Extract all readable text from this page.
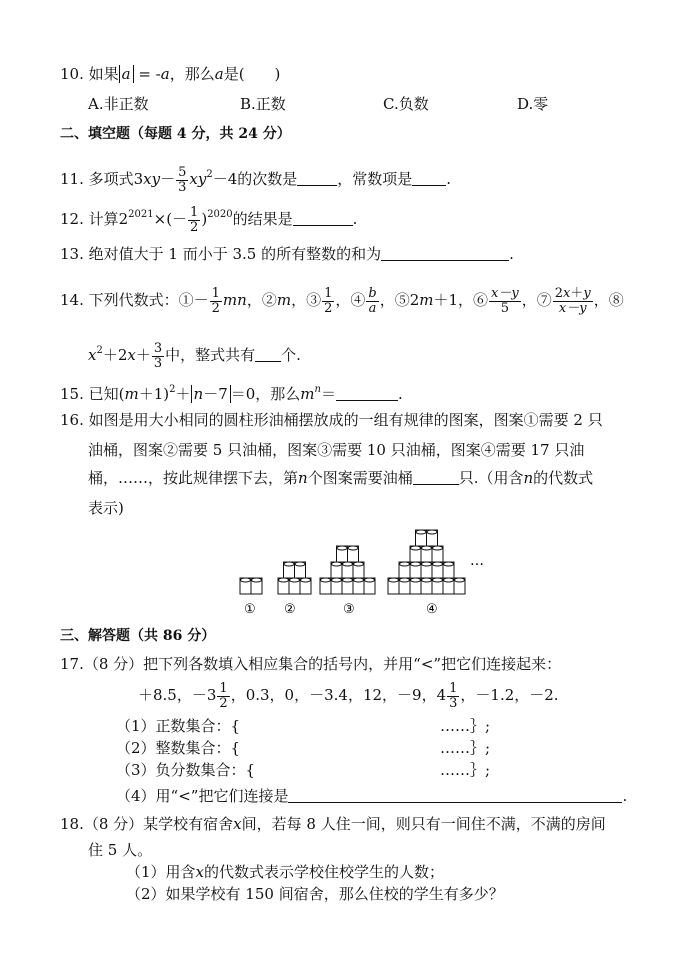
10. 如果 a = -a，那么a是(　　)
A.非正数	B.正数	C.负数	D.零
二、填空题（每题 4 分，共 24 分）
11. 多项式$3xy- \frac{5}{3} xy^2-4$的次数是	，常数项是 .
12. 计算$2^{2021}\times(- \frac{1}{2} )^{2020}$的结果是	.
13. 绝对值大于 1 而小于 3.5 的所有整数的和为	.
14. 下列代数式：①－ $\frac{1}{2}$ mn，②m，③ $\frac{1}{2}$ ，④ $\frac{b}{a}$ ，⑤2m＋1，⑥ $\frac{x-y}{5}$ ，⑦ $\frac{2x+y}{x-y}$ ，⑧
$x^2+2x+ \frac{3}{3}$ 中，整式共有 个.
15. 已知$(m+1)^2+ n-7 =0$，那么$m^n=$	.
16. 如图是用大小相同的圆柱形油桶摆放成的一组有规律的图案，图案①需要 2 只
油桶，图案②需要 5 只油桶，图案③需要 10 只油桶，图案④需要 17 只油
桶，……，按此规律摆下去，第n个图案需要油桶	只.（用含n的代数式
表示)
…
① ②	③	④
三、解答题（共 86 分）
17.（8 分）把下列各数填入相应集合的括号内，并用“<”把它们连接起来：
＋8.5，$-3 \frac{1}{2}$ ，0.3，0，－3.4，12，－9，$4 \frac{1}{3}$ ，－1.2，－2.
（1）正数集合：{	……｝;
（2）整数集合：{	……｝;
（3）负分数集合：{	……｝;
（4）用“<”把它们连接是	.
18.（8 分）某学校有宿舍x间，若每 8 人住一间，则只有一间住不满，不满的房间
住 5 人。
（1）用含x的代数式表示学校住校学生的人数；
（2）如果学校有 150 间宿舍，那么住校的学生有多少？
